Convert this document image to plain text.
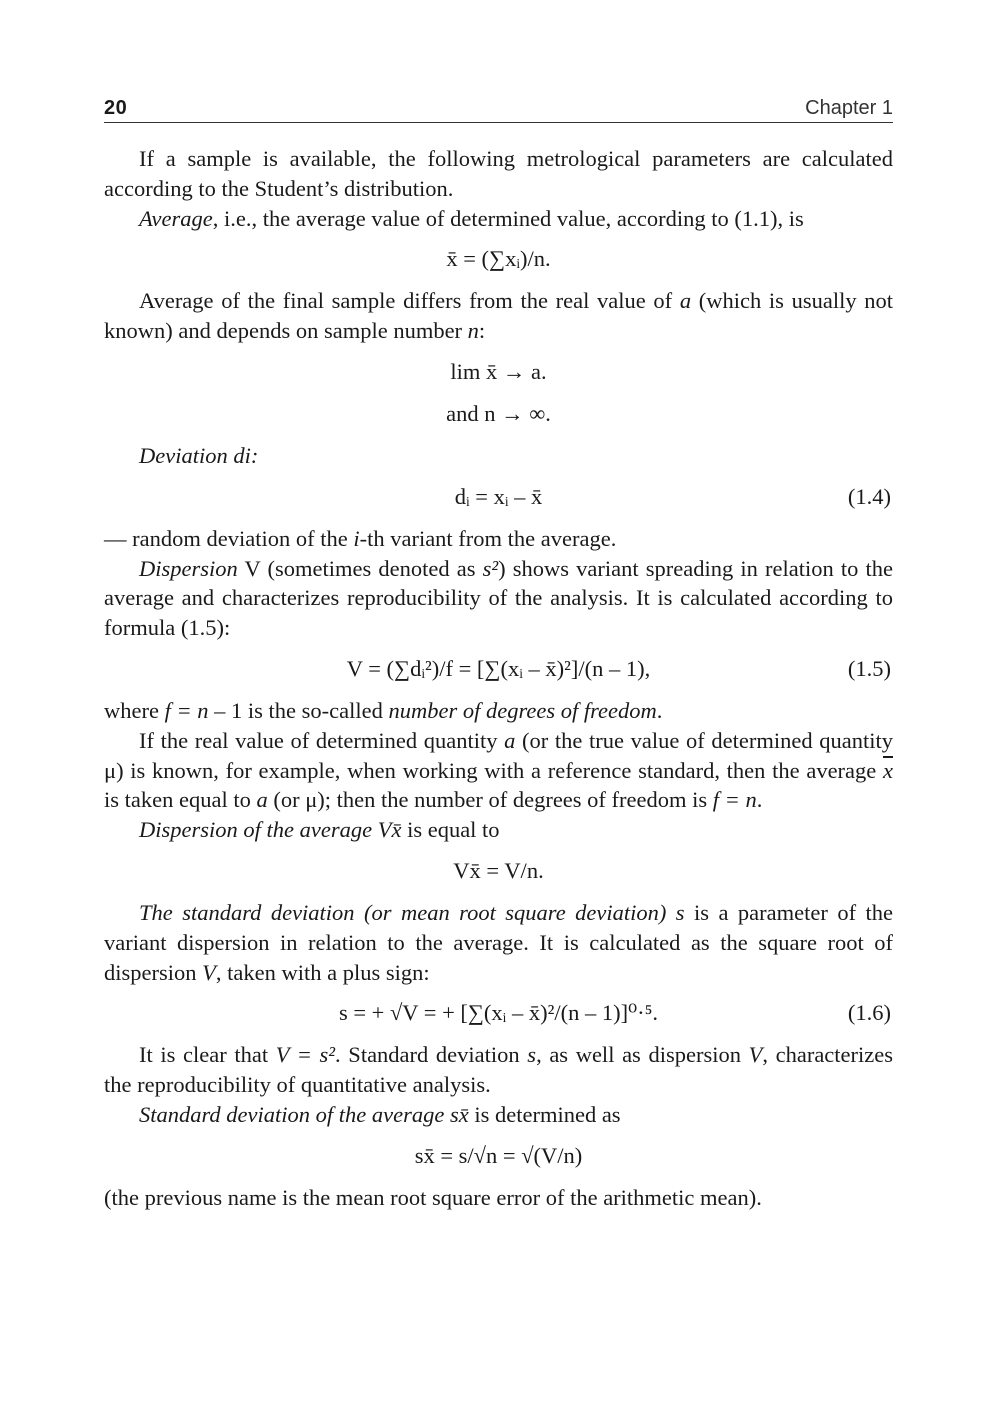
20	Chapter 1

If a sample is available, the following metrological parameters are calculated according to the Student’s distribution.

Average, i.e., the average value of determined value, according to (1.1), is

x̄ = (∑xᵢ)/n.

Average of the final sample differs from the real value of a (which is usually not known) and depends on sample number n:

lim x̄ → a.
and n → ∞.

Deviation di:

dᵢ = xᵢ – x̄	(1.4)

— random deviation of the i-th variant from the average.

Dispersion V (sometimes denoted as s²) shows variant spreading in relation to the average and characterizes reproducibility of the analysis. It is calculated according to formula (1.5):

V = (∑dᵢ²)/f = [∑(xᵢ – x̄)²]/(n – 1),	(1.5)

where f = n – 1 is the so-called number of degrees of freedom.

If the real value of determined quantity a (or the true value of determined quantity μ) is known, for example, when working with a reference standard, then the average $\overline{x}$ is taken equal to a (or μ); then the number of degrees of freedom is f = n.

Dispersion of the average Vx̄ is equal to

Vx̄ = V/n.

The standard deviation (or mean root square deviation) s is a parameter of the variant dispersion in relation to the average. It is calculated as the square root of dispersion V, taken with a plus sign:

s = + √V = + [∑(xᵢ – x̄)²/(n – 1)]⁰·⁵.	(1.6)

It is clear that V = s². Standard deviation s, as well as dispersion V, characterizes the reproducibility of quantitative analysis.

Standard deviation of the average sx̄ is determined as

sx̄ = s/√n = √(V/n)

(the previous name is the mean root square error of the arithmetic mean).
